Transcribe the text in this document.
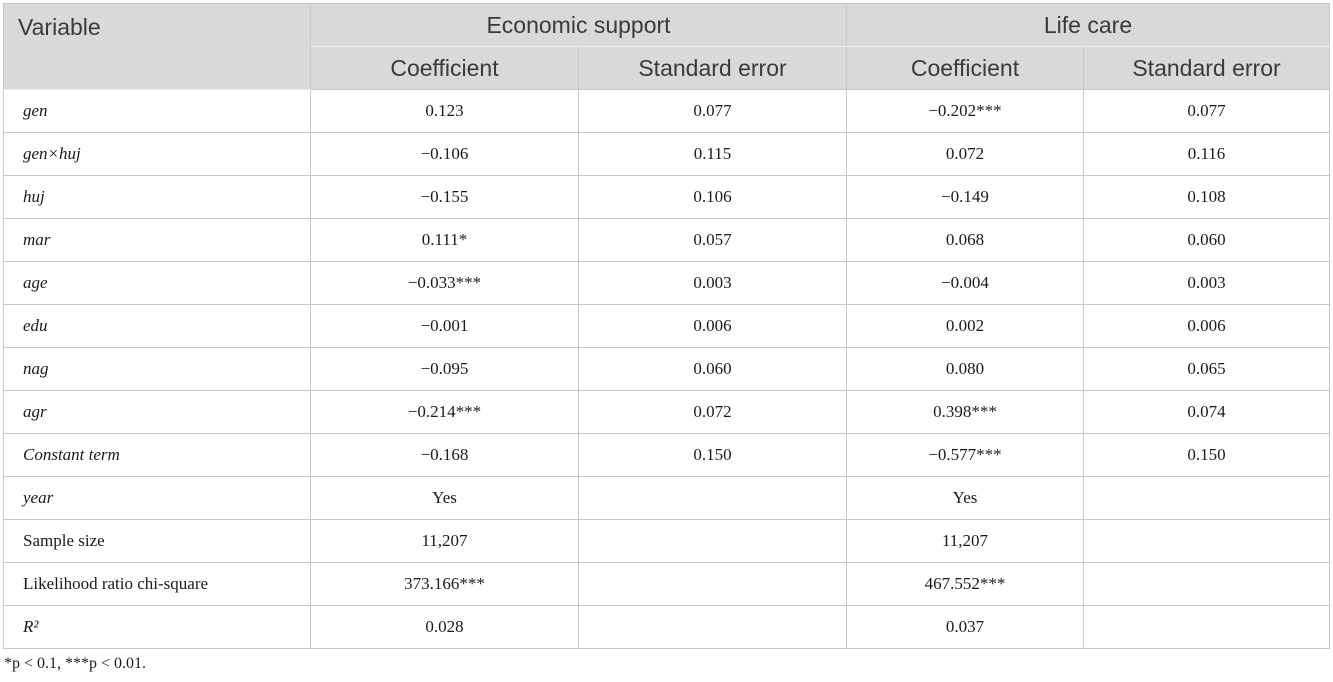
Variable	Economic support		Life care	
	Coefficient	Standard error	Coefficient	Standard error
gen	0.123	0.077	−0.202***	0.077
gen×huj	−0.106	0.115	0.072	0.116
huj	−0.155	0.106	−0.149	0.108
mar	0.111*	0.057	0.068	0.060
age	−0.033***	0.003	−0.004	0.003
edu	−0.001	0.006	0.002	0.006
nag	−0.095	0.060	0.080	0.065
agr	−0.214***	0.072	0.398***	0.074
Constant term	−0.168	0.150	−0.577***	0.150
year	Yes		Yes	
Sample size	11,207		11,207	
Likelihood ratio chi-square	373.166***		467.552***	
R²	0.028		0.037	
*p < 0.1, ***p < 0.01.
